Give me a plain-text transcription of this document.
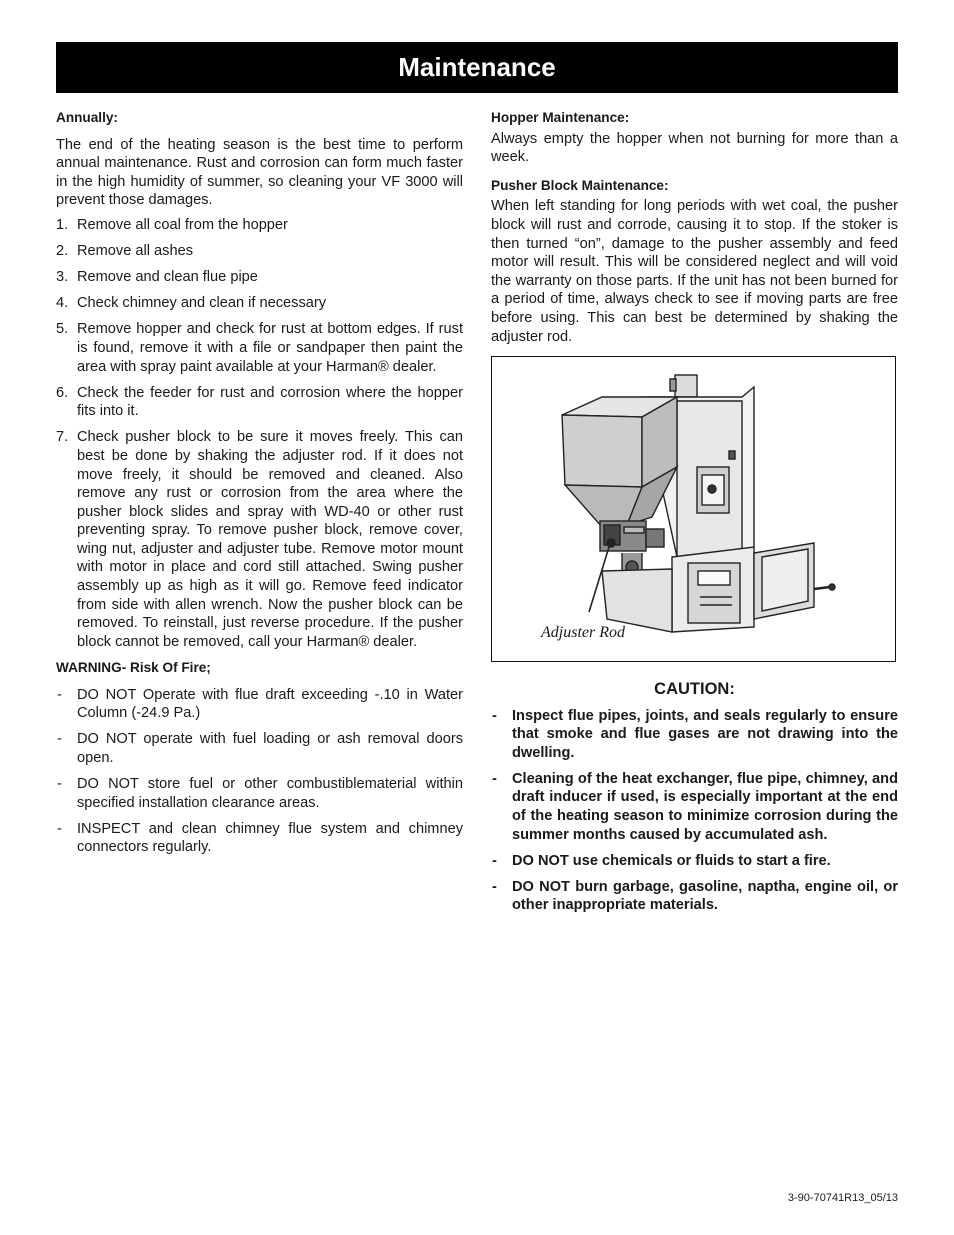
Maintenance
Annually:
The end of the heating season is the best time to perform annual maintenance. Rust and corrosion can form much faster in the high humidity of summer, so cleaning your VF 3000 will prevent those damages.
1. Remove all coal from the hopper
2. Remove all ashes
3. Remove and clean flue pipe
4. Check chimney and clean if necessary
5. Remove hopper and check for rust at bottom edges. If rust is found, remove it with a file or sandpaper then paint the area with spray paint available at your Harman® dealer.
6. Check the feeder for rust and corrosion where the hopper fits into it.
7. Check pusher block to be sure it moves freely. This can best be done by shaking the adjuster rod. If it does not move freely, it should be removed and cleaned. Also remove any rust or corrosion from the area where the pusher block slides and spray with WD-40 or other rust preventing spray. To remove pusher block, remove cover, wing nut, adjuster and adjuster tube. Remove motor mount with motor in place and cord still attached. Swing pusher assembly up as high as it will go. Remove feed indicator from side with allen wrench. Now the pusher block can be removed. To reinstall, just reverse procedure. If the pusher block cannot be removed, call your Harman® dealer.
WARNING- Risk Of Fire;
- DO NOT Operate with flue draft exceeding -.10 in Water Column (-24.9 Pa.)
- DO NOT operate with fuel loading or ash removal doors open.
- DO NOT store fuel or other combustiblematerial within specified installation clearance areas.
- INSPECT and clean chimney flue system and chimney connectors regularly.
Hopper Maintenance:
Always empty the hopper when not burning for more than a week.
Pusher Block Maintenance:
When left standing for long periods with wet coal, the pusher block will rust and corrode, causing it to stop. If the stoker is then turned “on”, damage to the pusher assembly and feed motor will result. This will be considered neglect and will void the warranty on those parts. If the unit has not been burned for a period of time, always check to see if moving parts are free before using. This can best be determined by shaking the adjuster rod.
Adjuster Rod
CAUTION:
- Inspect flue pipes, joints, and seals regularly to ensure that smoke and flue gases are not drawing into the dwelling.
- Cleaning of the heat exchanger, flue pipe, chimney, and draft inducer if used, is especially important at the end of the heating season to minimize corrosion during the summer months caused by accumulated ash.
- DO NOT use chemicals or fluids to start a fire.
- DO NOT burn garbage, gasoline, naptha, engine oil, or other inappropriate materials.
3-90-70741R13_05/13
